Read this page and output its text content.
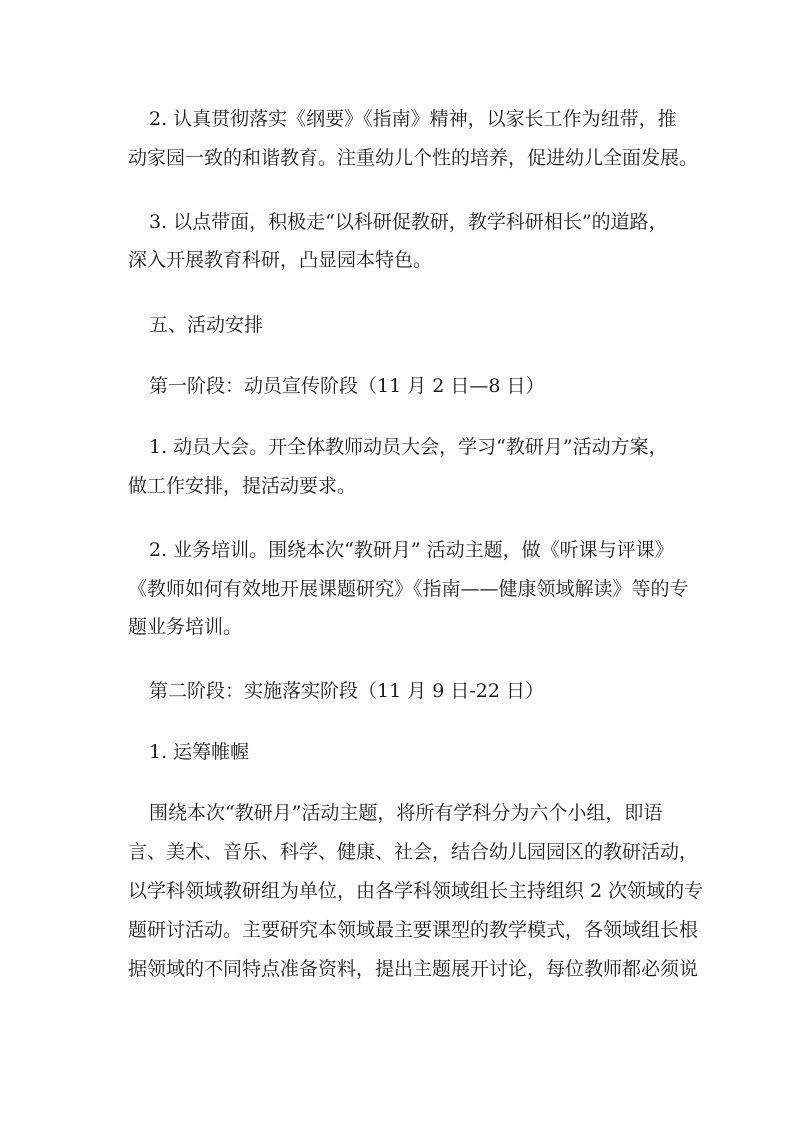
2. 认真贯彻落实《纲要》《指南》精神，以家长工作为纽带，推
动家园一致的和谐教育。注重幼儿个性的培养，促进幼儿全面发展。
3. 以点带面，积极走“以科研促教研，教学科研相长”的道路，
深入开展教育科研，凸显园本特色。
五、活动安排
第一阶段：动员宣传阶段（11 月 2 日—8 日）
1. 动员大会。开全体教师动员大会，学习“教研月”活动方案，
做工作安排，提活动要求。
2. 业务培训。围绕本次“教研月” 活动主题，做《听课与评课》
《教师如何有效地开展课题研究》《指南——健康领域解读》等的专
题业务培训。
第二阶段：实施落实阶段（11 月 9 日-22 日）
1. 运筹帷幄
围绕本次“教研月”活动主题，将所有学科分为六个小组，即语
言、美术、音乐、科学、健康、社会，结合幼儿园园区的教研活动，
以学科领域教研组为单位，由各学科领域组长主持组织 2 次领域的专
题研讨活动。主要研究本领域最主要课型的教学模式，各领域组长根
据领域的不同特点准备资料，提出主题展开讨论，每位教师都必须说
